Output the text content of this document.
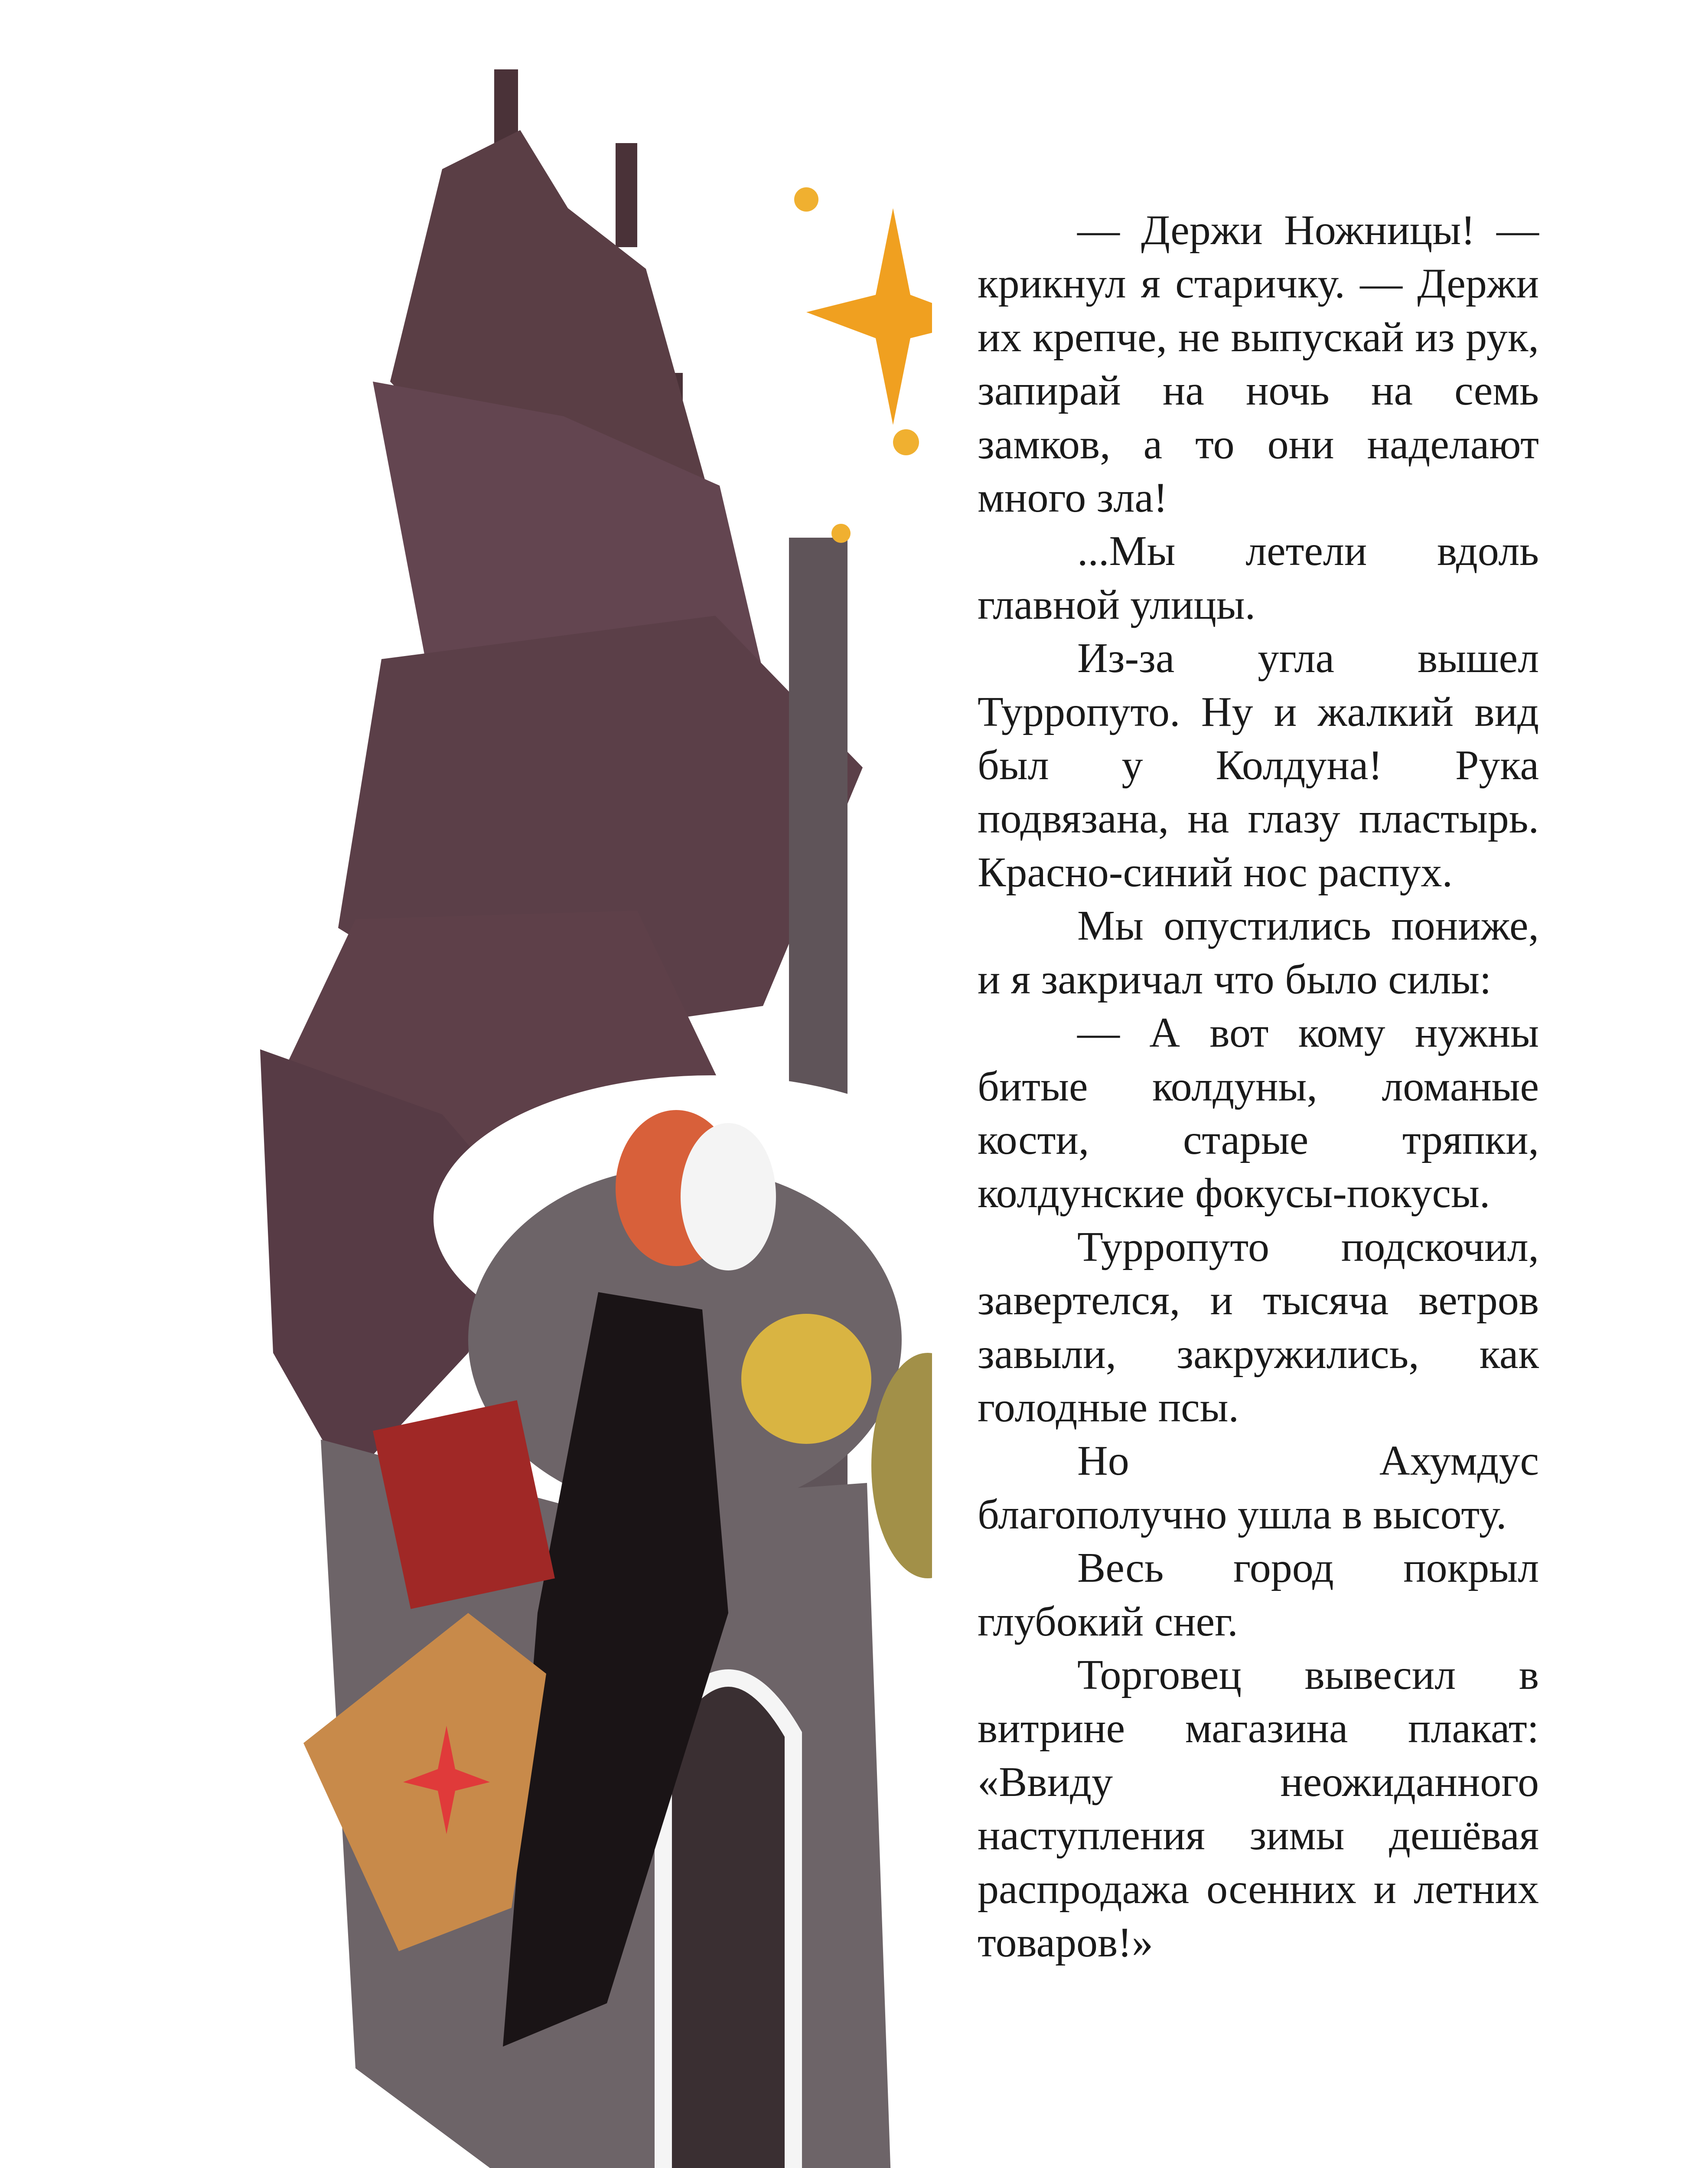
— Держи Ножницы! — крикнул я старичку. — Держи их крепче, не выпускай из рук, запирай на ночь на семь замков, а то они наделают много зла!

...Мы летели вдоль главной улицы.

Из-за угла вышел Турропуто. Ну и жалкий вид был у Колдуна! Рука подвязана, на глазу пластырь. Красно-синий нос распух.

Мы опустились пониже, и я закричал что было силы:

— А вот кому нужны битые колдуны, ломаные кости, старые тряпки, колдунские фокусы-покусы.

Турропуто подскочил, завертелся, и тысяча ветров завыли, закружились, как голодные псы.

Но Ахумдус благополучно ушла в высоту.

Весь город покрыл глубокий снег.

Торговец вывесил в витрине магазина плакат: «Ввиду неожиданного наступления зимы дешёвая распродажа осенних и летних товаров!»
